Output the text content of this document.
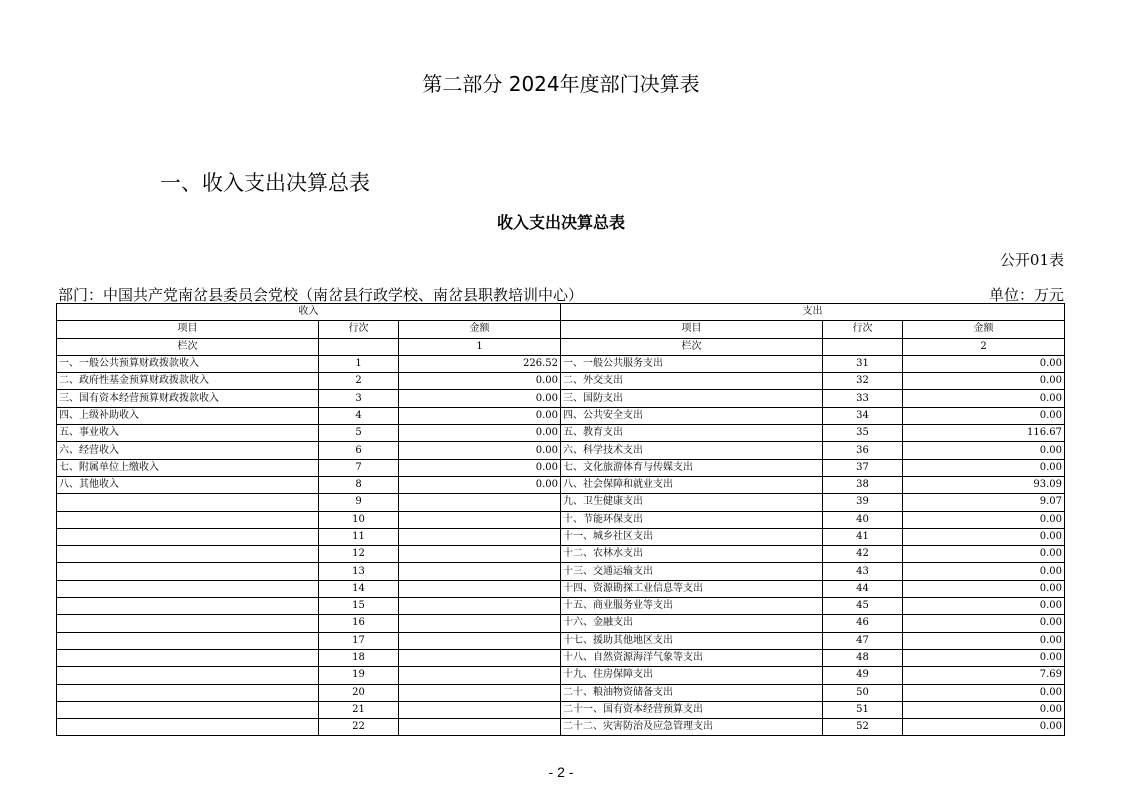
第二部分 2024年度部门决算表
一、收入支出决算总表
收入支出决算总表
公开01表
部门：中国共产党南岔县委员会党校（南岔县行政学校、南岔县职教培训中心）	单位：万元
收入			支出		
项目	行次	金额	项目	行次	金额
栏次		1	栏次		2
一、一般公共预算财政拨款收入	1	226.52	一、一般公共服务支出	31	0.00
二、政府性基金预算财政拨款收入	2	0.00	二、外交支出	32	0.00
三、国有资本经营预算财政拨款收入	3	0.00	三、国防支出	33	0.00
四、上级补助收入	4	0.00	四、公共安全支出	34	0.00
五、事业收入	5	0.00	五、教育支出	35	116.67
六、经营收入	6	0.00	六、科学技术支出	36	0.00
七、附属单位上缴收入	7	0.00	七、文化旅游体育与传媒支出	37	0.00
八、其他收入	8	0.00	八、社会保障和就业支出	38	93.09
	9		九、卫生健康支出	39	9.07
	10		十、节能环保支出	40	0.00
	11		十一、城乡社区支出	41	0.00
	12		十二、农林水支出	42	0.00
	13		十三、交通运输支出	43	0.00
	14		十四、资源勘探工业信息等支出	44	0.00
	15		十五、商业服务业等支出	45	0.00
	16		十六、金融支出	46	0.00
	17		十七、援助其他地区支出	47	0.00
	18		十八、自然资源海洋气象等支出	48	0.00
	19		十九、住房保障支出	49	7.69
	20		二十、粮油物资储备支出	50	0.00
	21		二十一、国有资本经营预算支出	51	0.00
	22		二十二、灾害防治及应急管理支出	52	0.00
- 2 -
